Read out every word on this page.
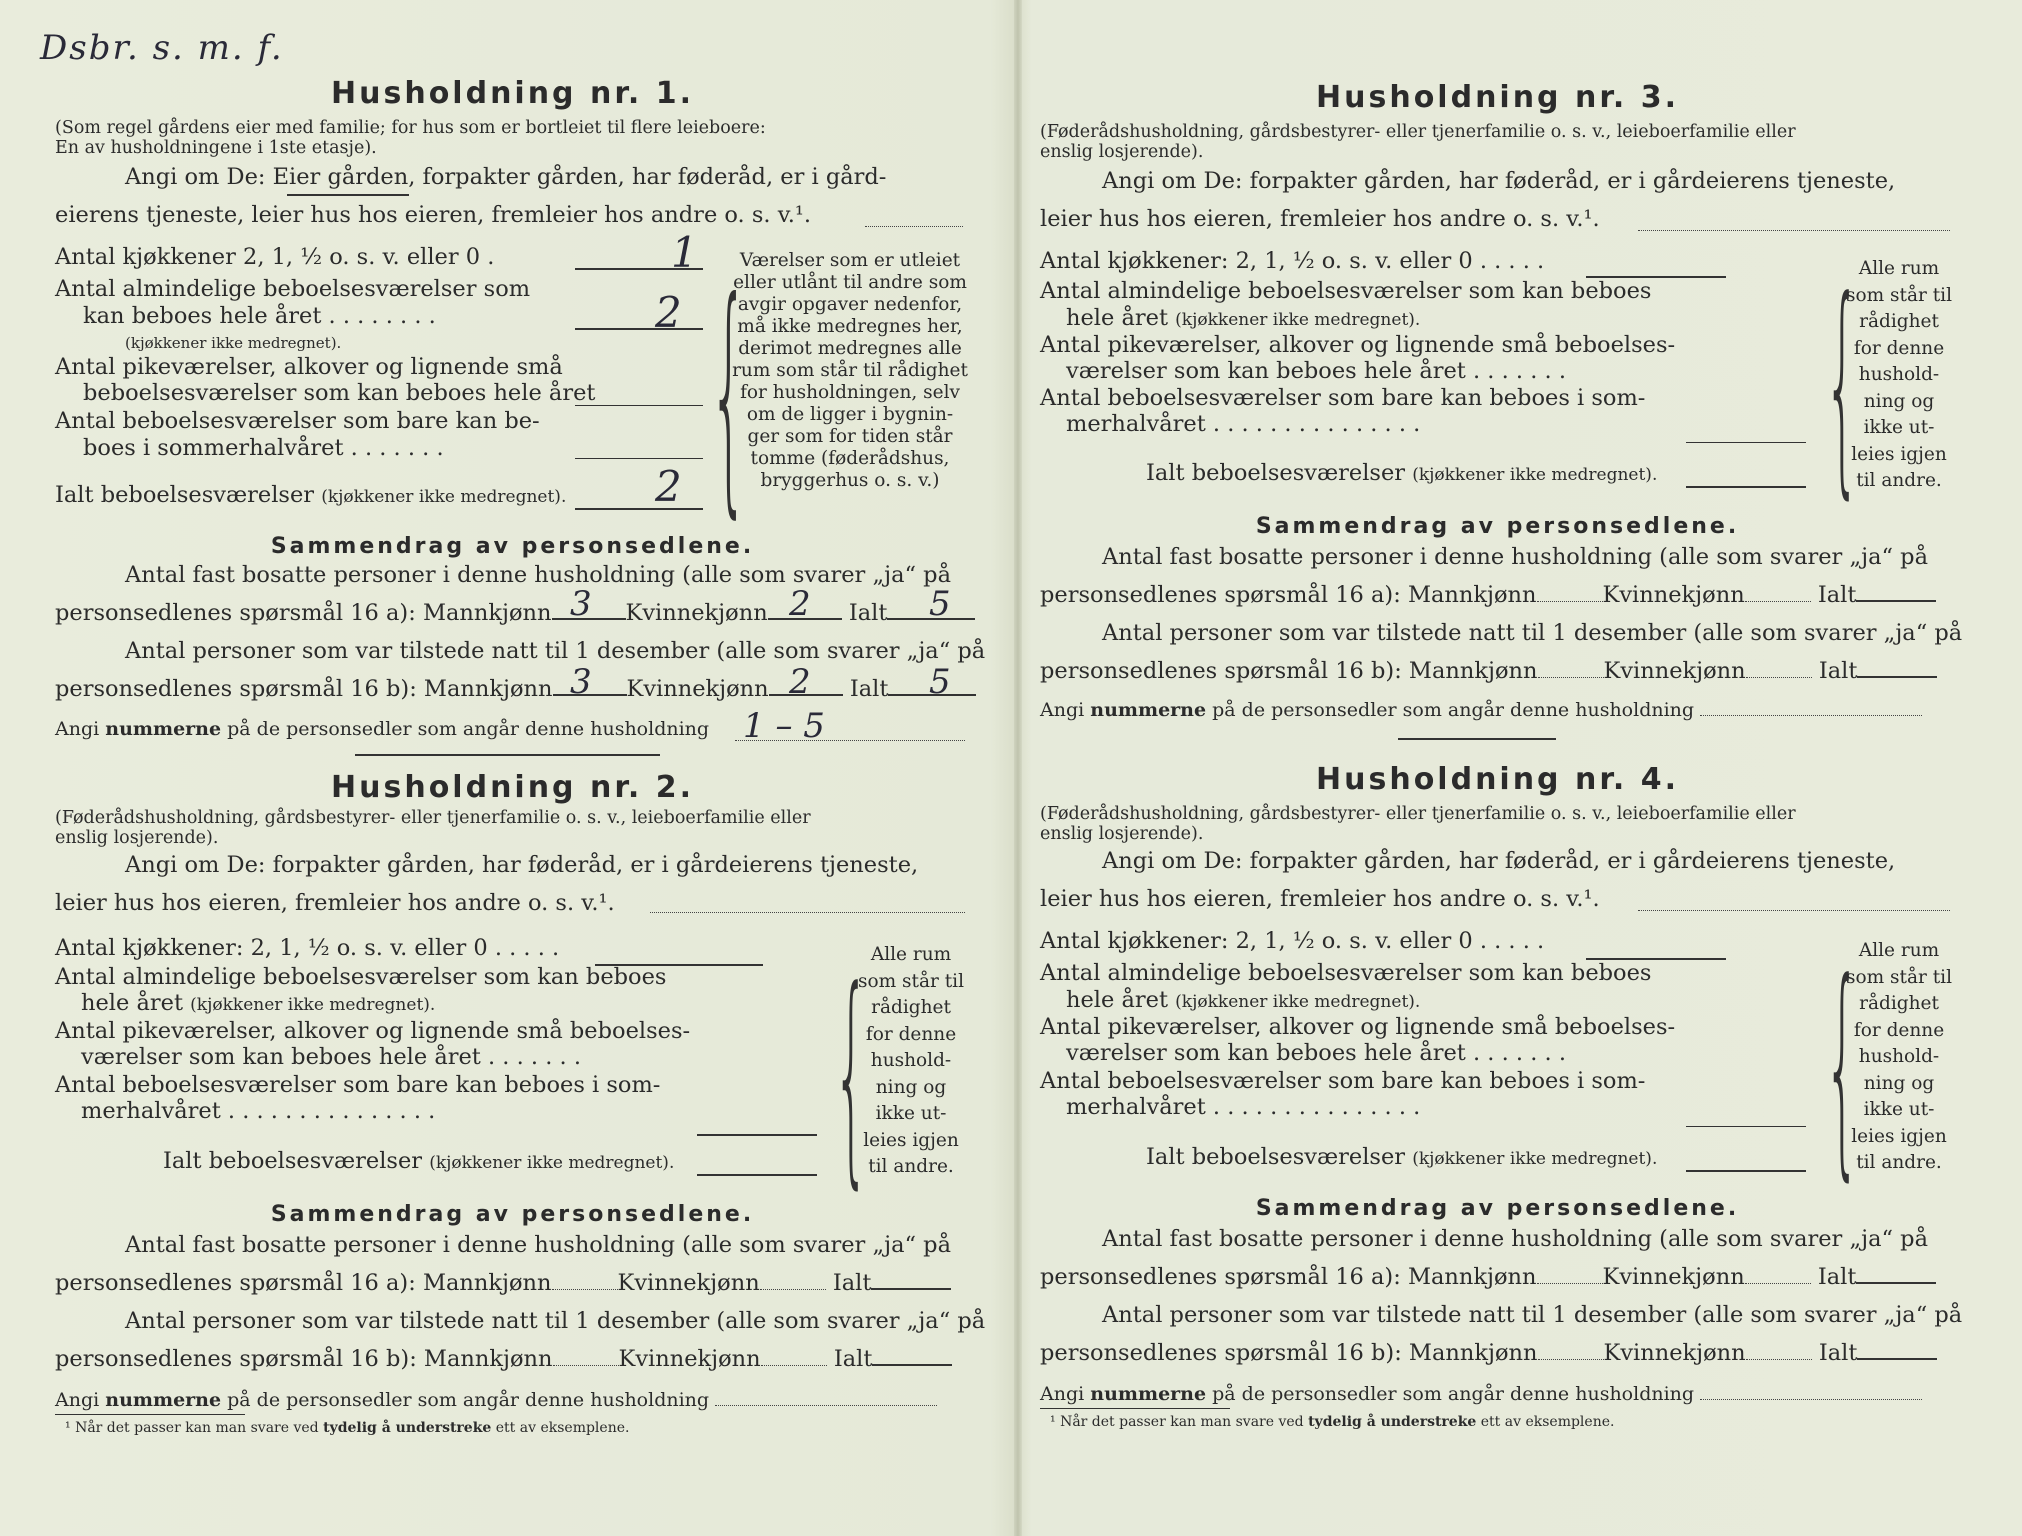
Dsbr. s. m. f.
Husholdning nr. 1.
(Som regel gårdens eier med familie; for hus som er bortleiet til flere leieboere:
En av husholdningene i 1ste etasje).
Angi om De: Eier gården, forpakter gården, har føderåd, er i gård-
eierens tjeneste, leier hus hos eieren, fremleier hos andre o. s. v.¹.
Antal kjøkkener 2, 1, ½ o. s. v. eller 0 .	1
Antal almindelige beboelsesværelser som
kan beboes hele året . . . . . . . .
(kjøkkener ikke medregnet).
2
Antal pikeværelser, alkover og lignende små
beboelsesværelser som kan beboes hele året
Antal beboelsesværelser som bare kan be-
boes i sommerhalvåret . . . . . . .
Ialt beboelsesværelser (kjøkkener ikke medregnet). 2 {
Værelser som er utleiet
eller utlånt til andre som
avgir opgaver nedenfor,
må ikke medregnes her,
derimot medregnes alle
rum som står til rådighet
for husholdningen, selv
om de ligger i bygnin-
ger som for tiden står
tomme (føderådshus,
bryggerhus o. s. v.)
Sammendrag av personsedlene.
Antal fast bosatte personer i denne husholdning (alle som svarer „ja“ på
personsedlenes spørsmål 16 a): Mannkjønn	Kvinnekjønn	Ialt
3	2	5
Antal personer som var tilstede natt til 1 desember (alle som svarer „ja“ på
personsedlenes spørsmål 16 b): Mannkjønn	Kvinnekjønn	Ialt
3	2	5
Angi nummerne på de personsedler som angår denne husholdning 1 – 5
Husholdning nr. 2.
(Føderådshusholdning, gårdsbestyrer- eller tjenerfamilie o. s. v., leieboerfamilie eller
enslig losjerende).
Angi om De: forpakter gården, har føderåd, er i gårdeierens tjeneste,
leier hus hos eieren, fremleier hos andre o. s. v.¹.
Antal kjøkkener: 2, 1, ½ o. s. v. eller 0 . . . . .
Antal almindelige beboelsesværelser som kan beboes
hele året (kjøkkener ikke medregnet).
Antal pikeværelser, alkover og lignende små beboelses-
værelser som kan beboes hele året . . . . . . .
Antal beboelsesværelser som bare kan beboes i som-
merhalvåret . . . . . . . . . . . . . . .
Ialt beboelsesværelser (kjøkkener ikke medregnet). { Alle rum
som står til
rådighet
for denne
hushold-
ning og
ikke ut-
leies igjen
til andre.
Sammendrag av personsedlene.
Antal fast bosatte personer i denne husholdning (alle som svarer „ja“ på
personsedlenes spørsmål 16 a): Mannkjønn	Kvinnekjønn	Ialt
Antal personer som var tilstede natt til 1 desember (alle som svarer „ja“ på
personsedlenes spørsmål 16 b): Mannkjønn	Kvinnekjønn	Ialt
Angi nummerne på de personsedler som angår denne husholdning
¹ Når det passer kan man svare ved tydelig å understreke ett av eksemplene.
Husholdning nr. 3.
(Føderådshusholdning, gårdsbestyrer- eller tjenerfamilie o. s. v., leieboerfamilie eller
enslig losjerende).
Angi om De: forpakter gården, har føderåd, er i gårdeierens tjeneste,
leier hus hos eieren, fremleier hos andre o. s. v.¹.
Antal kjøkkener: 2, 1, ½ o. s. v. eller 0 . . . . .
Antal almindelige beboelsesværelser som kan beboes
hele året (kjøkkener ikke medregnet).
Antal pikeværelser, alkover og lignende små beboelses-
værelser som kan beboes hele året . . . . . . .
Antal beboelsesværelser som bare kan beboes i som-
merhalvåret . . . . . . . . . . . . . . .
Ialt beboelsesværelser (kjøkkener ikke medregnet). {
Alle rum
som står til
rådighet
for denne
hushold-
ning og
ikke ut-
leies igjen
til andre.
Sammendrag av personsedlene.
Antal fast bosatte personer i denne husholdning (alle som svarer „ja“ på
personsedlenes spørsmål 16 a): Mannkjønn	Kvinnekjønn	Ialt
Antal personer som var tilstede natt til 1 desember (alle som svarer „ja“ på
personsedlenes spørsmål 16 b): Mannkjønn	Kvinnekjønn	Ialt
Angi nummerne på de personsedler som angår denne husholdning
Husholdning nr. 4.
(Føderådshusholdning, gårdsbestyrer- eller tjenerfamilie o. s. v., leieboerfamilie eller
enslig losjerende).
Angi om De: forpakter gården, har føderåd, er i gårdeierens tjeneste,
leier hus hos eieren, fremleier hos andre o. s. v.¹.
Antal kjøkkener: 2, 1, ½ o. s. v. eller 0 . . . . .
Antal almindelige beboelsesværelser som kan beboes
hele året (kjøkkener ikke medregnet).
Antal pikeværelser, alkover og lignende små beboelses-
værelser som kan beboes hele året . . . . . . .
Antal beboelsesværelser som bare kan beboes i som-
merhalvåret . . . . . . . . . . . . . . .
Ialt beboelsesværelser (kjøkkener ikke medregnet). {
Alle rum
som står til
rådighet
for denne
hushold-
ning og
ikke ut-
leies igjen
til andre.
Sammendrag av personsedlene.
Antal fast bosatte personer i denne husholdning (alle som svarer „ja“ på
personsedlenes spørsmål 16 a): Mannkjønn	Kvinnekjønn	Ialt
Antal personer som var tilstede natt til 1 desember (alle som svarer „ja“ på
personsedlenes spørsmål 16 b): Mannkjønn	Kvinnekjønn	Ialt
Angi nummerne på de personsedler som angår denne husholdning
¹ Når det passer kan man svare ved tydelig å understreke ett av eksemplene.
